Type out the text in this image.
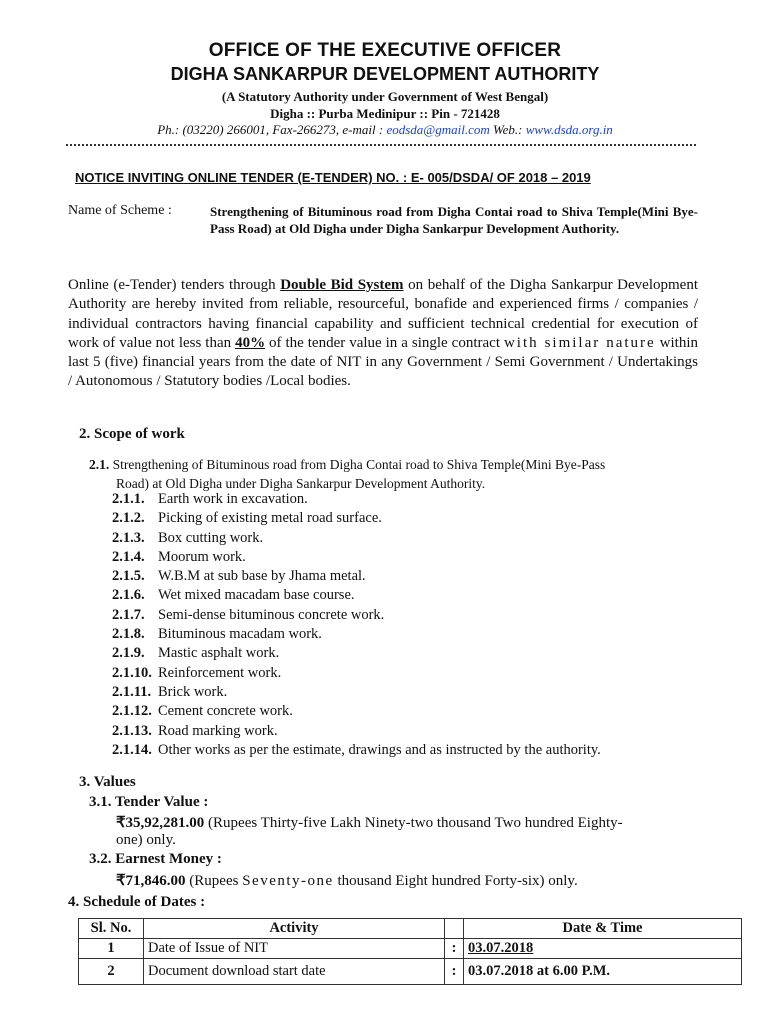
OFFICE OF THE EXECUTIVE OFFICER
DIGHA SANKARPUR DEVELOPMENT AUTHORITY
(A Statutory Authority under Government of West Bengal)
Digha :: Purba Medinipur :: Pin - 721428
Ph.: (03220) 266001, Fax-266273, e-mail : eodsda@gmail.com Web.: www.dsda.org.in
NOTICE INVITING ONLINE TENDER (E-TENDER) NO. : E- 005/DSDA/ OF 2018 – 2019
Name of Scheme :	Strengthening of Bituminous road from Digha Contai road to Shiva Temple(Mini Bye-Pass Road) at Old Digha under Digha Sankarpur Development Authority.
Online (e-Tender) tenders through Double Bid System on behalf of the Digha Sankarpur Development Authority are hereby invited from reliable, resourceful, bonafide and experienced firms / companies / individual contractors having financial capability and sufficient technical credential for execution of work of value not less than 40% of the tender value in a single contract with similar nature within last 5 (five) financial years from the date of NIT in any Government / Semi Government / Undertakings / Autonomous / Statutory bodies /Local bodies.
2. Scope of work
2.1. Strengthening of Bituminous road from Digha Contai road to Shiva Temple(Mini Bye-Pass
Road) at Old Digha under Digha Sankarpur Development Authority.
2.1.1. Earth work in excavation.
2.1.2. Picking of existing metal road surface.
2.1.3. Box cutting work.
2.1.4. Moorum work.
2.1.5. W.B.M at sub base by Jhama metal.
2.1.6. Wet mixed macadam base course.
2.1.7. Semi-dense bituminous concrete work.
2.1.8. Bituminous macadam work.
2.1.9. Mastic asphalt work.
2.1.10. Reinforcement work.
2.1.11. Brick work.
2.1.12. Cement concrete work.
2.1.13. Road marking work.
2.1.14. Other works as per the estimate, drawings and as instructed by the authority.
3. Values
3.1. Tender Value :
₹35,92,281.00 (Rupees Thirty-five Lakh Ninety-two thousand Two hundred Eighty-
one) only.
3.2. Earnest Money :
₹71,846.00 (Rupees Seventy-one thousand Eight hundred Forty-six) only.
4. Schedule of Dates :
Sl. No.	Activity		Date & Time
1	Date of Issue of NIT	:	03.07.2018
2	Document download start date	:	03.07.2018 at 6.00 P.M.
